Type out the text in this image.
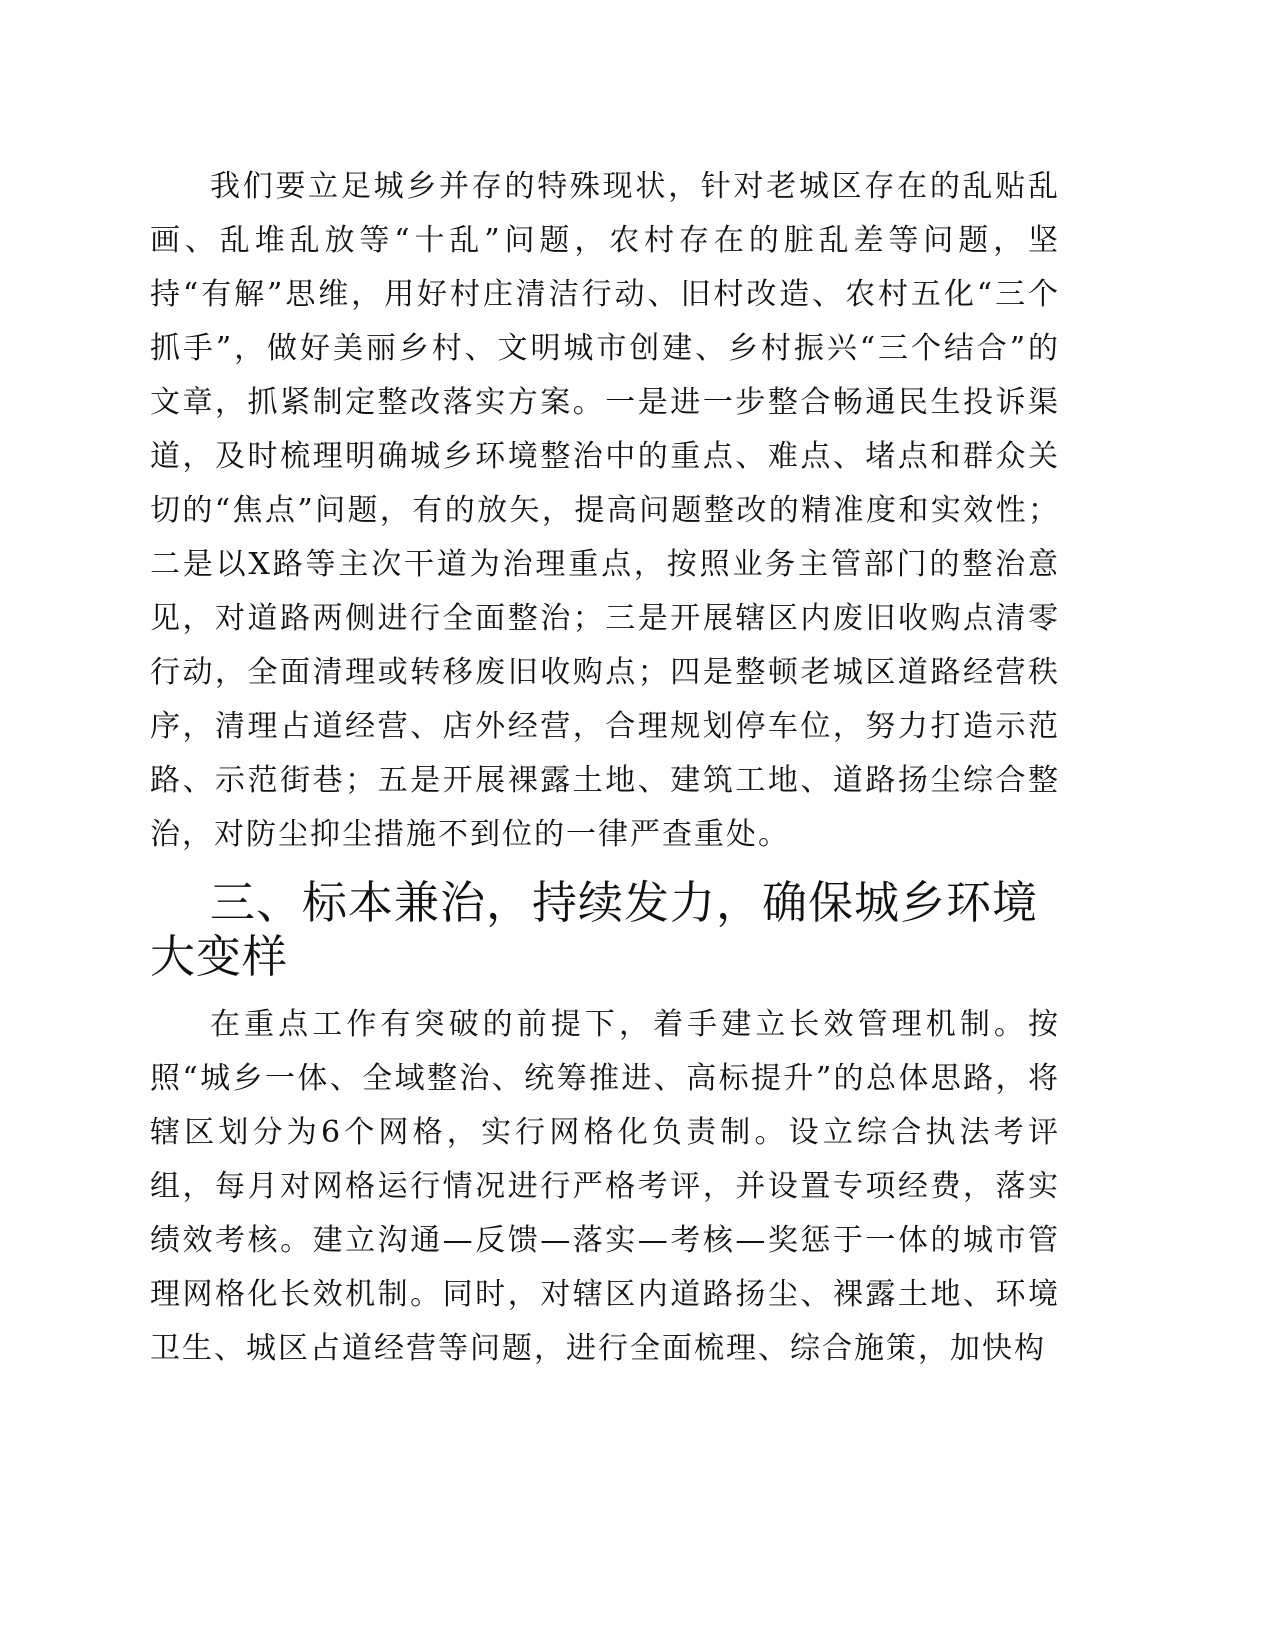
我们要立足城乡并存的特殊现状，针对老城区存在的乱贴乱画、乱堆乱放等“十乱”问题，农村存在的脏乱差等问题，坚持“有解”思维，用好村庄清洁行动、旧村改造、农村五化“三个抓手”，做好美丽乡村、文明城市创建、乡村振兴“三个结合”的文章，抓紧制定整改落实方案。一是进一步整合畅通民生投诉渠道，及时梳理明确城乡环境整治中的重点、难点、堵点和群众关切的“焦点”问题，有的放矢，提高问题整改的精准度和实效性；二是以X路等主次干道为治理重点，按照业务主管部门的整治意见，对道路两侧进行全面整治；三是开展辖区内废旧收购点清零行动，全面清理或转移废旧收购点；四是整顿老城区道路经营秩序，清理占道经营、店外经营，合理规划停车位，努力打造示范路、示范街巷；五是开展裸露土地、建筑工地、道路扬尘综合整治，对防尘抑尘措施不到位的一律严查重处。

三、标本兼治，持续发力，确保城乡环境大变样

在重点工作有突破的前提下，着手建立长效管理机制。按照“城乡一体、全域整治、统筹推进、高标提升”的总体思路，将辖区划分为6个网格，实行网格化负责制。设立综合执法考评组，每月对网格运行情况进行严格考评，并设置专项经费，落实绩效考核。建立沟通—反馈—落实—考核—奖惩于一体的城市管理网格化长效机制。同时，对辖区内道路扬尘、裸露土地、环境卫生、城区占道经营等问题，进行全面梳理、综合施策，加快构
